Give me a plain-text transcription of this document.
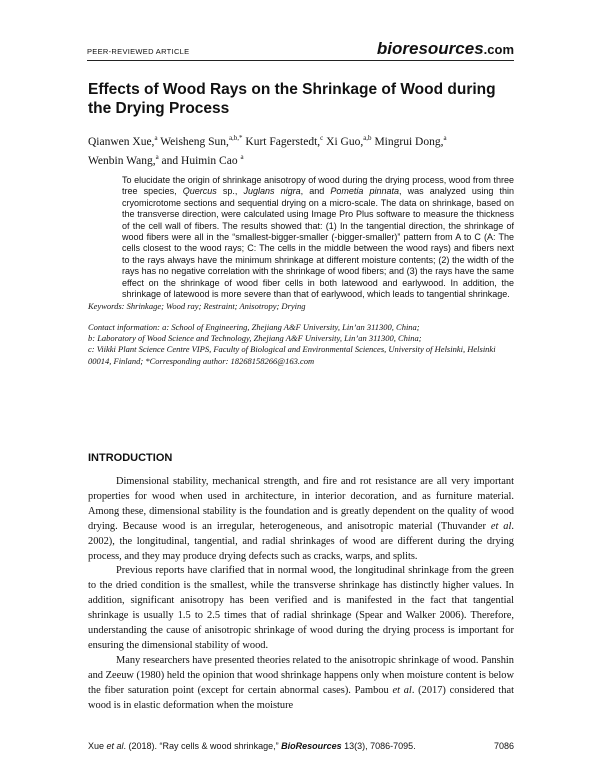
PEER-REVIEWED ARTICLE	bioresources.com
Effects of Wood Rays on the Shrinkage of Wood during the Drying Process
Qianwen Xue,$^a$ Weisheng Sun,$^{a,b,*}$ Kurt Fagerstedt,$^c$ Xi Guo,$^{a,b}$ Mingrui Dong,$^a$
Wenbin Wang,$^a$ and Huimin Cao $^a$

To elucidate the origin of shrinkage anisotropy of wood during the drying process, wood from three tree species, Quercus sp., Juglans nigra, and Pometia pinnata, was analyzed using thin cryomicrotome sections and sequential drying on a micro-scale. The data on shrinkage, based on the transverse direction, were calculated using Image Pro Plus software to measure the thickness of the cell wall of fibers. The results showed that: (1) In the tangential direction, the shrinkage of wood fibers were all in the “smallest-bigger-smaller (-bigger-smaller)” pattern from A to C (A: The cells closest to the wood rays; C: The cells in the middle between the wood rays) and fibers next to the rays always have the minimum shrinkage at different moisture contents; (2) the width of the rays has no negative correlation with the shrinkage of wood fibers; and (3) the rays have the same effect on the shrinkage of wood fiber cells in both latewood and earlywood. In addition, the shrinkage of latewood is more severe than that of earlywood, which leads to tangential shrinkage.

Keywords: Shrinkage; Wood ray; Restraint; Anisotropy; Drying
Contact information: a: School of Engineering, Zhejiang A&F University, Lin’an 311300, China;
b: Laboratory of Wood Science and Technology, Zhejiang A&F University, Lin’an 311300, China;
c: Viikki Plant Science Centre VIPS, Faculty of Biological and Environmental Sciences, University of Helsinki, Helsinki 00014, Finland; *Corresponding author: 18268158266@163.com
INTRODUCTION

Dimensional stability, mechanical strength, and fire and rot resistance are all very important properties for wood when used in architecture, in interior decoration, and as furniture material. Among these, dimensional stability is the foundation and is greatly dependent on the quality of wood drying. Because wood is an irregular, heterogeneous, and anisotropic material (Thuvander et al. 2002), the longitudinal, tangential, and radial shrinkages of wood are different during the drying process, and they may produce drying defects such as cracks, warps, and splits.

Previous reports have clarified that in normal wood, the longitudinal shrinkage from the green to the dried condition is the smallest, while the transverse shrinkage has distinctly higher values. In addition, significant anisotropy has been verified and is manifested in the fact that tangential shrinkage is usually 1.5 to 2.5 times that of radial shrinkage (Spear and Walker 2006). Therefore, understanding the cause of anisotropic shrinkage of wood during the drying process is important for ensuring the dimensional stability of wood.

Many researchers have presented theories related to the anisotropic shrinkage of wood. Panshin and Zeeuw (1980) held the opinion that wood shrinkage happens only when moisture content is below the fiber saturation point (except for certain abnormal cases). Pambou et al. (2017) considered that wood is in elastic deformation when the moisture

Xue et al. (2018). “Ray cells & wood shrinkage,” BioResources 13(3), 7086-7095.	7086
